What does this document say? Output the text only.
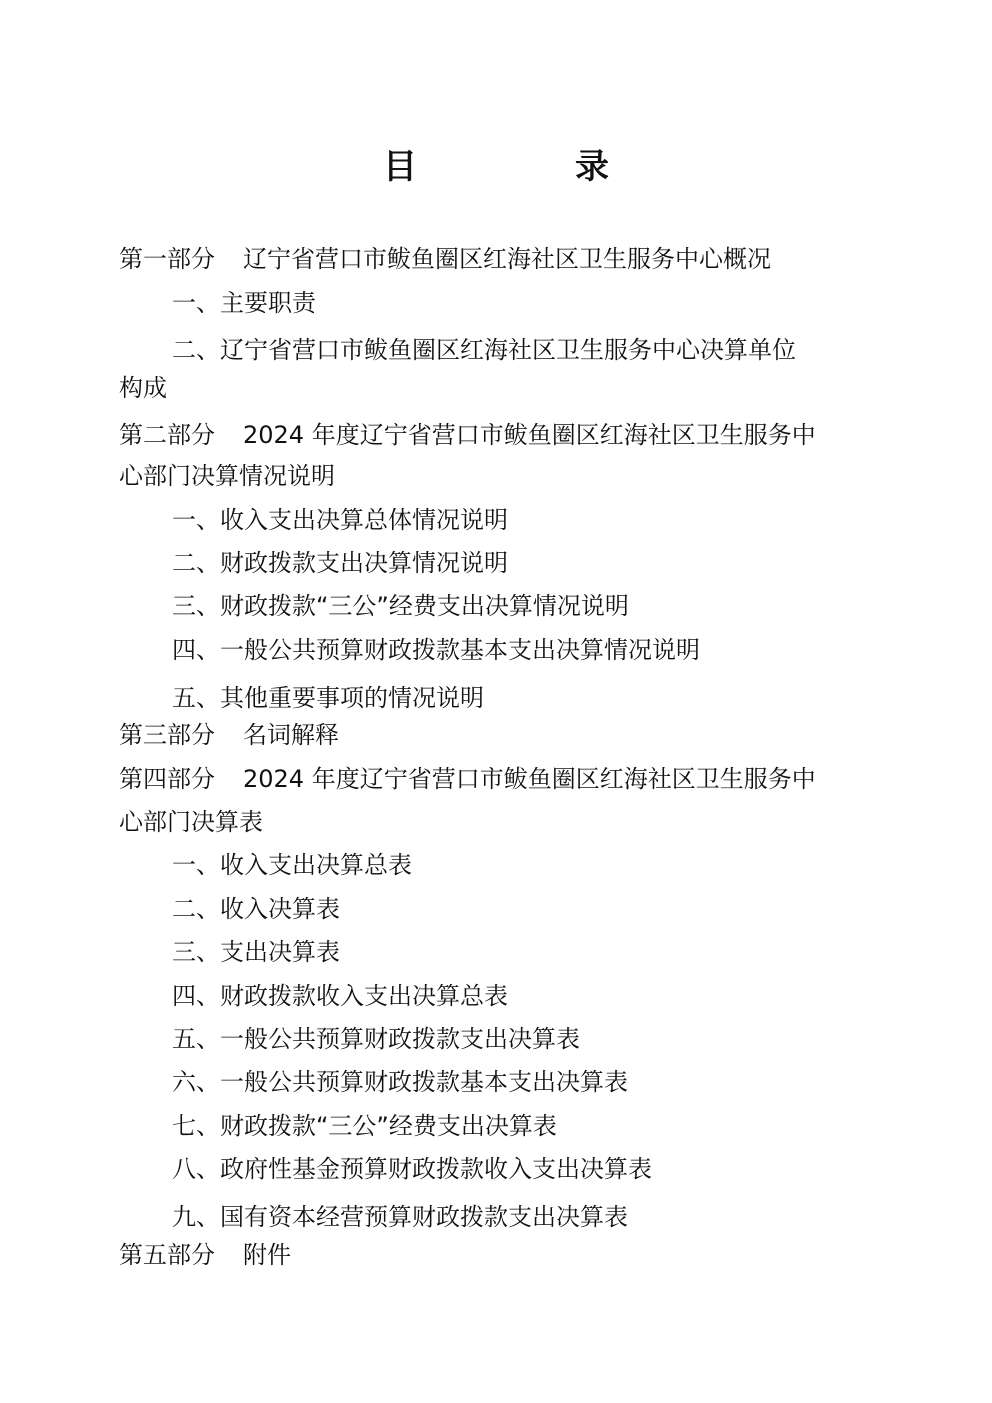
目　录
第一部分 辽宁省营口市鲅鱼圈区红海社区卫生服务中心概况
一、主要职责
二、辽宁省营口市鲅鱼圈区红海社区卫生服务中心决算单位
构成
第二部分 2024 年度辽宁省营口市鲅鱼圈区红海社区卫生服务中
心部门决算情况说明
一、收入支出决算总体情况说明
二、财政拨款支出决算情况说明
三、财政拨款“三公”经费支出决算情况说明
四、一般公共预算财政拨款基本支出决算情况说明
五、其他重要事项的情况说明
第三部分 名词解释
第四部分 2024 年度辽宁省营口市鲅鱼圈区红海社区卫生服务中
心部门决算表
一、收入支出决算总表
二、收入决算表
三、支出决算表
四、财政拨款收入支出决算总表
五、一般公共预算财政拨款支出决算表
六、一般公共预算财政拨款基本支出决算表
七、财政拨款“三公”经费支出决算表
八、政府性基金预算财政拨款收入支出决算表
九、国有资本经营预算财政拨款支出决算表
第五部分 附件
